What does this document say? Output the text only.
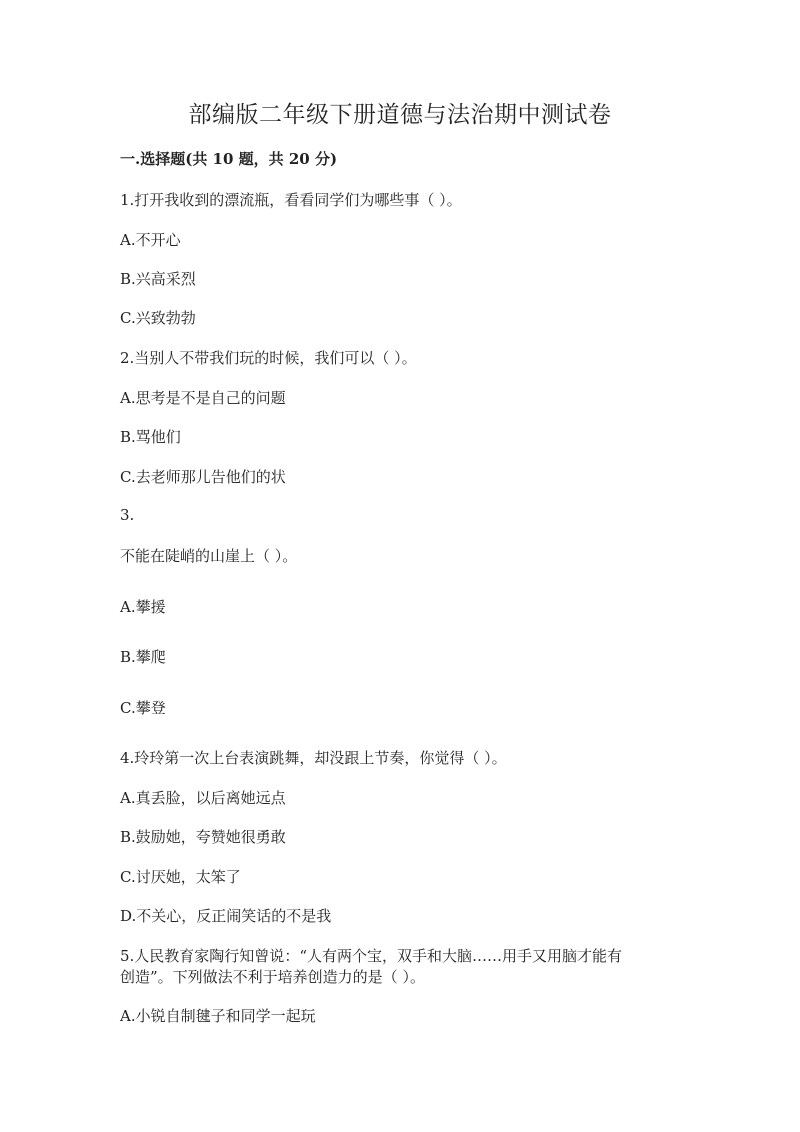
部编版二年级下册道德与法治期中测试卷
一.选择题(共 10 题，共 20 分)
1.打开我收到的漂流瓶，看看同学们为哪些事（ ）。
A.不开心
B.兴高采烈
C.兴致勃勃
2.当别人不带我们玩的时候，我们可以（ ）。
A.思考是不是自己的问题
B.骂他们
C.去老师那儿告他们的状
3.
不能在陡峭的山崖上（ ）。
A.攀援
B.攀爬
C.攀登
4.玲玲第一次上台表演跳舞，却没跟上节奏，你觉得（ ）。
A.真丢脸，以后离她远点
B.鼓励她，夸赞她很勇敢
C.讨厌她，太笨了
D.不关心，反正闹笑话的不是我
5.人民教育家陶行知曾说：“人有两个宝，双手和大脑……用手又用脑才能有
创造”。下列做法不利于培养创造力的是（ ）。
A.小锐自制毽子和同学一起玩
